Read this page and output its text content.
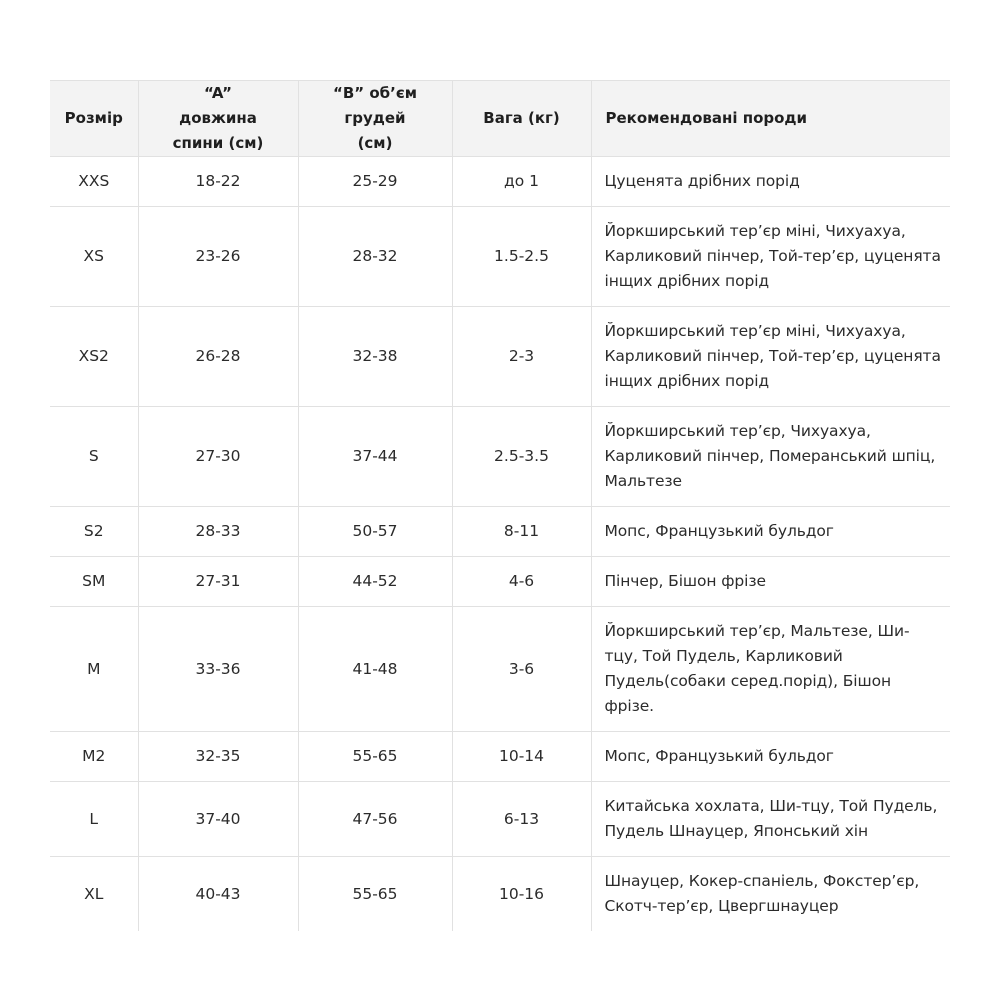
Розмір	“A” довжина спини (см)	“B” об’єм грудей (см)	Вага (кг)	Рекомендовані породи
XXS	18-22	25-29	до 1	Цуценята дрібних порід
XS	23-26	28-32	1.5-2.5	Йоркширський тер’єр міні, Чихуахуа, Карликовий пінчер, Той-тер’єр, цуценята інщих дрібних порід
XS2	26-28	32-38	2-3	Йоркширський тер’єр міні, Чихуахуа, Карликовий пінчер, Той-тер’єр, цуценята інщих дрібних порід
S	27-30	37-44	2.5-3.5	Йоркширський тер’єр, Чихуахуа, Карликовий пінчер, Померанський шпіц, Мальтезе
S2	28-33	50-57	8-11	Мопс, Французький бульдог
SM	27-31	44-52	4-6	Пінчер, Бішон фрізе
M	33-36	41-48	3-6	Йоркширський тер’єр, Мальтезе, Ши-тцу, Той Пудель, Карликовий Пудель(собаки серед.порід), Бішон фрізе.
M2	32-35	55-65	10-14	Мопс, Французький бульдог
L	37-40	47-56	6-13	Китайська хохлата, Ши-тцу, Той Пудель, Пудель Шнауцер, Японський хін
XL	40-43	55-65	10-16	Шнауцер, Кокер-спаніель, Фокстер’єр, Скотч-тер’єр, Цвергшнауцер
